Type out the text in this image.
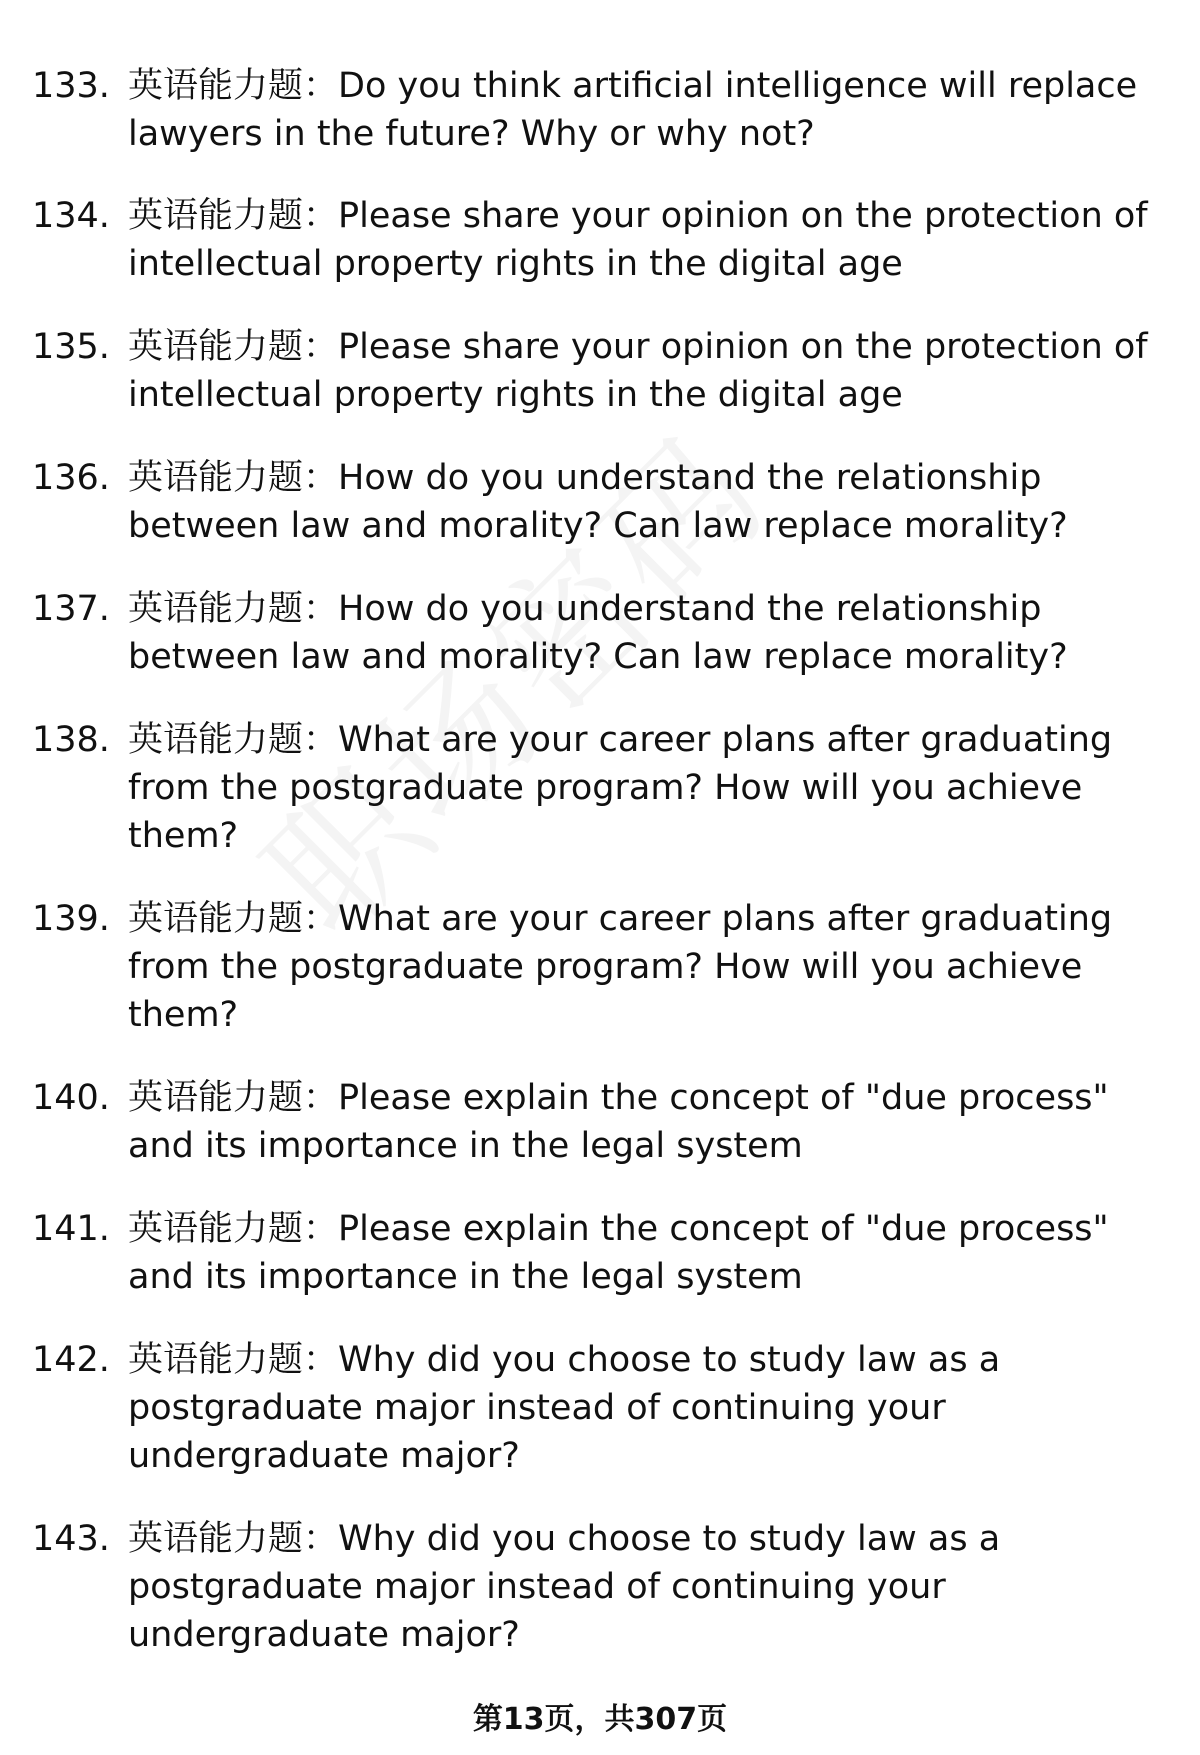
133. 英语能力题：Do you think artificial intelligence will replace lawyers in the future? Why or why not?
134. 英语能力题：Please share your opinion on the protection of intellectual property rights in the digital age
135. 英语能力题：Please share your opinion on the protection of intellectual property rights in the digital age
136. 英语能力题：How do you understand the relationship between law and morality? Can law replace morality?
137. 英语能力题：How do you understand the relationship between law and morality? Can law replace morality?
138. 英语能力题：What are your career plans after graduating from the postgraduate program? How will you achieve them?
139. 英语能力题：What are your career plans after graduating from the postgraduate program? How will you achieve them?
140. 英语能力题：Please explain the concept of "due process" and its importance in the legal system
141. 英语能力题：Please explain the concept of "due process" and its importance in the legal system
142. 英语能力题：Why did you choose to study law as a postgraduate major instead of continuing your undergraduate major?
143. 英语能力题：Why did you choose to study law as a postgraduate major instead of continuing your undergraduate major?
第13页，共307页
